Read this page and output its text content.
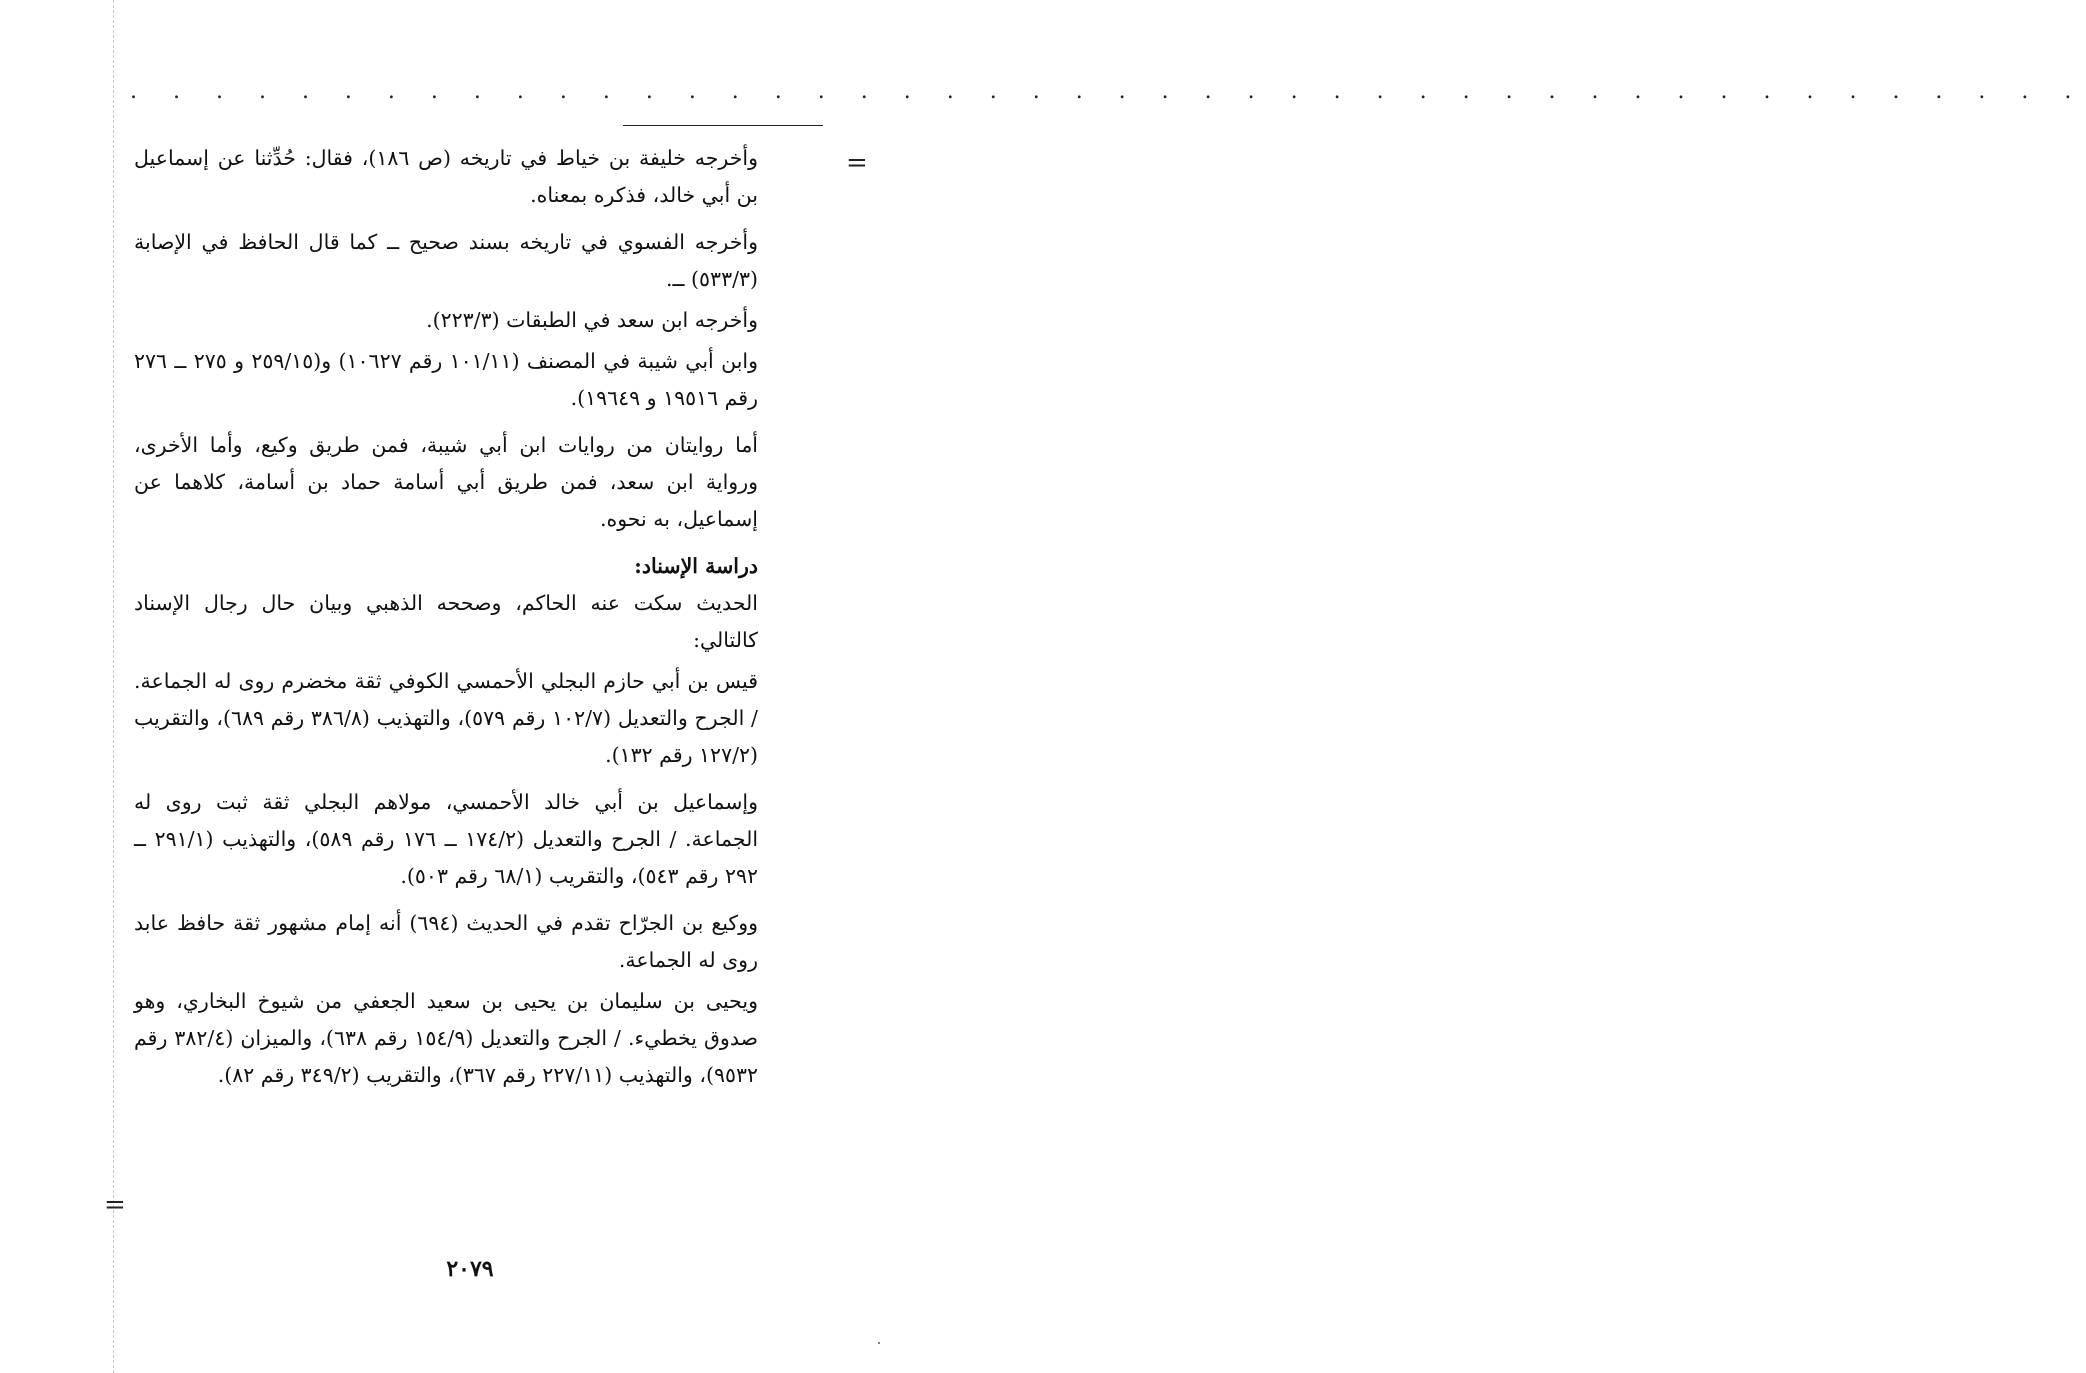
. . . . . . . . . . . . . . . . . . . . . . . . . . . . . . . . . . . . . . . . . . . . . .
=
=

وأخرجه خليفة بن خياط في تاريخه (ص ١٨٦)، فقال: حُدِّثنا عن إسماعيل بن أبي خالد، فذكره بمعناه.

وأخرجه الفسوي في تاريخه بسند صحيح ــ كما قال الحافظ في الإصابة (٥٣٣/٣) ــ.

وأخرجه ابن سعد في الطبقات (٢٢٣/٣).

وابن أبي شيبة في المصنف (١٠١/١١ رقم ١٠٦٢٧) و(٢٥٩/١٥ و ٢٧٥ ــ ٢٧٦ رقم ١٩٥١٦ و ١٩٦٤٩).

أما روايتان من روايات ابن أبي شيبة، فمن طريق وكيع، وأما الأخرى، ورواية ابن سعد، فمن طريق أبي أسامة حماد بن أسامة، كلاهما عن إسماعيل، به نحوه.

دراسة الإسناد:

الحديث سكت عنه الحاكم، وصححه الذهبي وبيان حال رجال الإسناد كالتالي:

قيس بن أبي حازم البجلي الأحمسي الكوفي ثقة مخضرم روى له الجماعة. / الجرح والتعديل (١٠٢/٧ رقم ٥٧٩)، والتهذيب (٣٨٦/٨ رقم ٦٨٩)، والتقريب (١٢٧/٢ رقم ١٣٢).

وإسماعيل بن أبي خالد الأحمسي، مولاهم البجلي ثقة ثبت روى له الجماعة. / الجرح والتعديل (١٧٤/٢ ــ ١٧٦ رقم ٥٨٩)، والتهذيب (٢٩١/١ ــ ٢٩٢ رقم ٥٤٣)، والتقريب (٦٨/١ رقم ٥٠٣).

ووكيع بن الجرّاح تقدم في الحديث (٦٩٤) أنه إمام مشهور ثقة حافظ عابد روى له الجماعة.

ويحيى بن سليمان بن يحيى بن سعيد الجعفي من شيوخ البخاري، وهو صدوق يخطيء. / الجرح والتعديل (١٥٤/٩ رقم ٦٣٨)، والميزان (٣٨٢/٤ رقم ٩٥٣٢)، والتهذيب (٢٢٧/١١ رقم ٣٦٧)، والتقريب (٣٤٩/٢ رقم ٨٢).

٢٠٧٩
